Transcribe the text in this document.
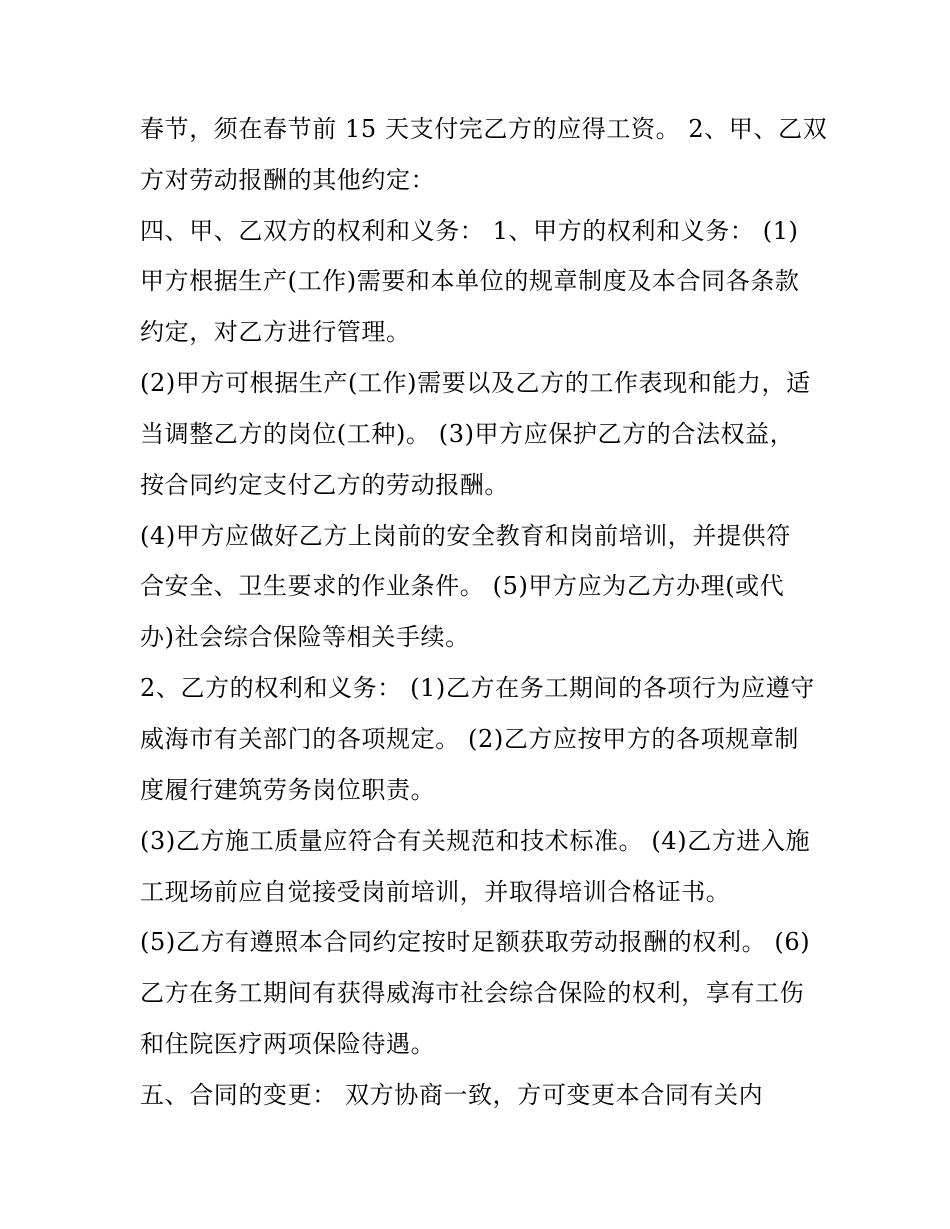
春节，须在春节前 15 天支付完乙方的应得工资。 2、甲、乙双
方对劳动报酬的其他约定：
四、甲、乙双方的权利和义务： 1、甲方的权利和义务： (1)
甲方根据生产(工作)需要和本单位的规章制度及本合同各条款
约定，对乙方进行管理。
(2)甲方可根据生产(工作)需要以及乙方的工作表现和能力，适
当调整乙方的岗位(工种)。 (3)甲方应保护乙方的合法权益，
按合同约定支付乙方的劳动报酬。
(4)甲方应做好乙方上岗前的安全教育和岗前培训，并提供符
合安全、卫生要求的作业条件。 (5)甲方应为乙方办理(或代
办)社会综合保险等相关手续。
2、乙方的权利和义务： (1)乙方在务工期间的各项行为应遵守
威海市有关部门的各项规定。 (2)乙方应按甲方的各项规章制
度履行建筑劳务岗位职责。
(3)乙方施工质量应符合有关规范和技术标准。 (4)乙方进入施
工现场前应自觉接受岗前培训，并取得培训合格证书。
(5)乙方有遵照本合同约定按时足额获取劳动报酬的权利。 (6)
乙方在务工期间有获得威海市社会综合保险的权利，享有工伤
和住院医疗两项保险待遇。
五、合同的变更： 双方协商一致，方可变更本合同有关内
